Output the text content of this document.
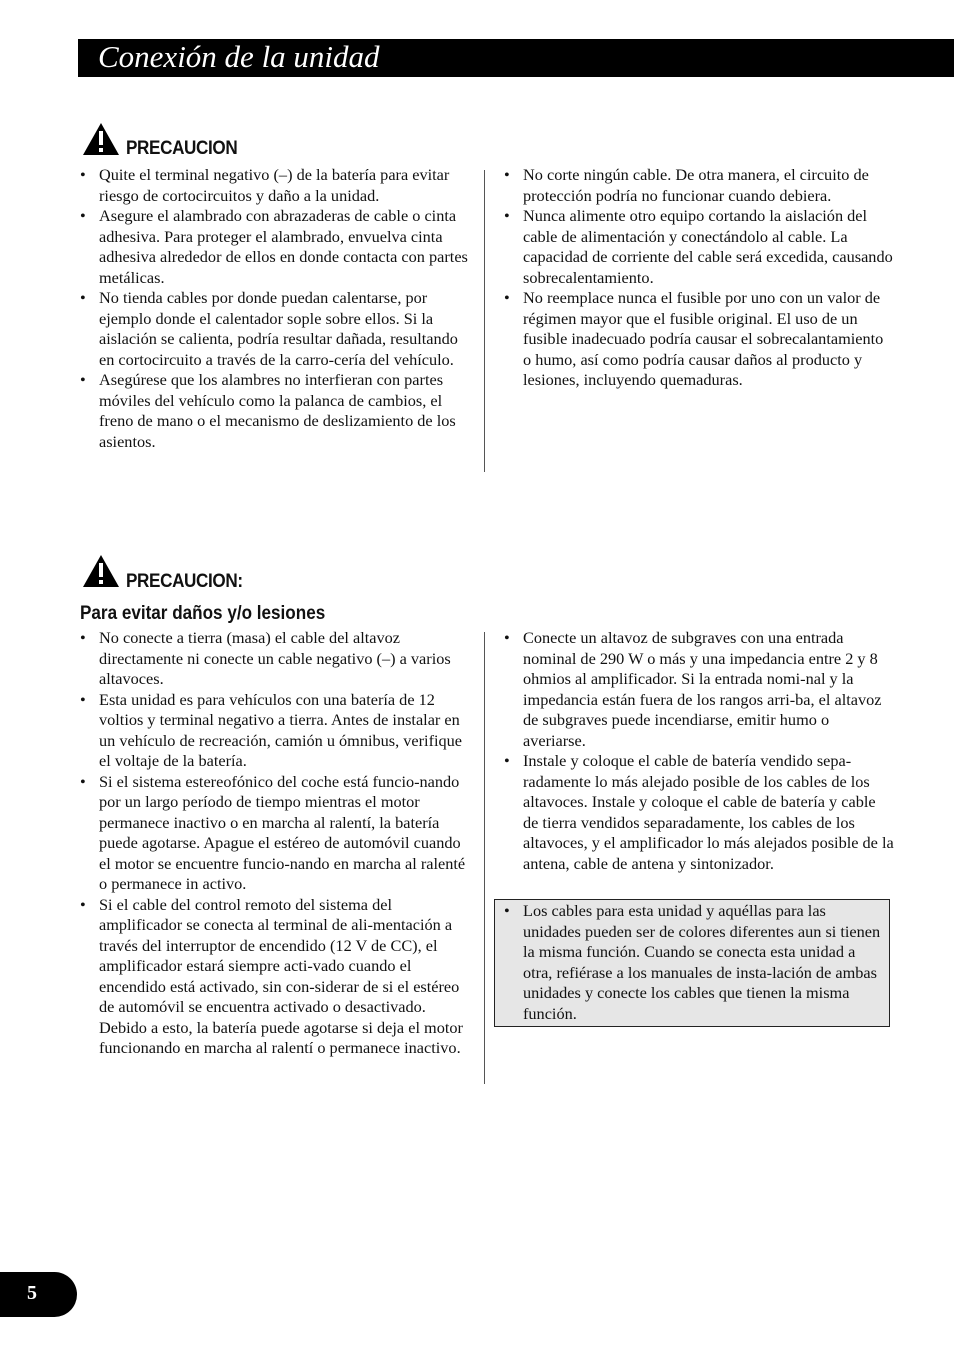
Conexión de la unidad
PRECAUCION
• Quite el terminal negativo (–) de la batería para evitar riesgo de cortocircuitos y daño a la unidad.
• Asegure el alambrado con abrazaderas de cable o cinta adhesiva. Para proteger el alambrado, envuelva cinta adhesiva alrededor de ellos en donde contacta con partes metálicas.
• No tienda cables por donde puedan calentarse, por ejemplo donde el calentador sople sobre ellos. Si la aislación se calienta, podría resultar dañada, resultando en cortocircuito a través de la carro-cería del vehículo.
• Asegúrese que los alambres no interfieran con partes móviles del vehículo como la palanca de cambios, el freno de mano o el mecanismo de deslizamiento de los asientos.
• No corte ningún cable. De otra manera, el circuito de protección podría no funcionar cuando debiera.
• Nunca alimente otro equipo cortando la aislación del cable de alimentación y conectándolo al cable. La capacidad de corriente del cable será excedida, causando sobrecalentamiento.
• No reemplace nunca el fusible por uno con un valor de régimen mayor que el fusible original. El uso de un fusible inadecuado podría causar el sobrecalantamiento o humo, así como podría causar daños al producto y lesiones, incluyendo quemaduras.
PRECAUCION:
Para evitar daños y/o lesiones
• No conecte a tierra (masa) el cable del altavoz directamente ni conecte un cable negativo (–) a varios altavoces.
• Esta unidad es para vehículos con una batería de 12 voltios y terminal negativo a tierra. Antes de instalar en un vehículo de recreación, camión u ómnibus, verifique el voltaje de la batería.
• Si el sistema estereofónico del coche está funcio-nando por un largo período de tiempo mientras el motor permanece inactivo o en marcha al ralentí, la batería puede agotarse. Apague el estéreo de automóvil cuando el motor se encuentre funcio-nando en marcha al ralenté o permanece in activo.
• Si el cable del control remoto del sistema del amplificador se conecta al terminal de ali-mentación a través del interruptor de encendido (12 V de CC), el amplificador estará siempre acti-vado cuando el encendido está activado, sin con-siderar de si el estéreo de automóvil se encuentra activado o desactivado. Debido a esto, la batería puede agotarse si deja el motor funcionando en marcha al ralentí o permanece inactivo.
• Conecte un altavoz de subgraves con una entrada nominal de 290 W o más y una impedancia entre 2 y 8 ohmios al amplificador. Si la entrada nomi-nal y la impedancia están fuera de los rangos arri-ba, el altavoz de subgraves puede incendiarse, emitir humo o averiarse.
• Instale y coloque el cable de batería vendido sepa-radamente lo más alejado posible de los cables de los altavoces. Instale y coloque el cable de batería y cable de tierra vendidos separadamente, los cables de los altavoces, y el amplificador lo más alejados posible de la antena, cable de antena y sintonizador.
• Los cables para esta unidad y aquéllas para las unidades pueden ser de colores diferentes aun si tienen la misma función. Cuando se conecta esta unidad a otra, refiérase a los manuales de insta-lación de ambas unidades y conecte los cables que tienen la misma función.
5
